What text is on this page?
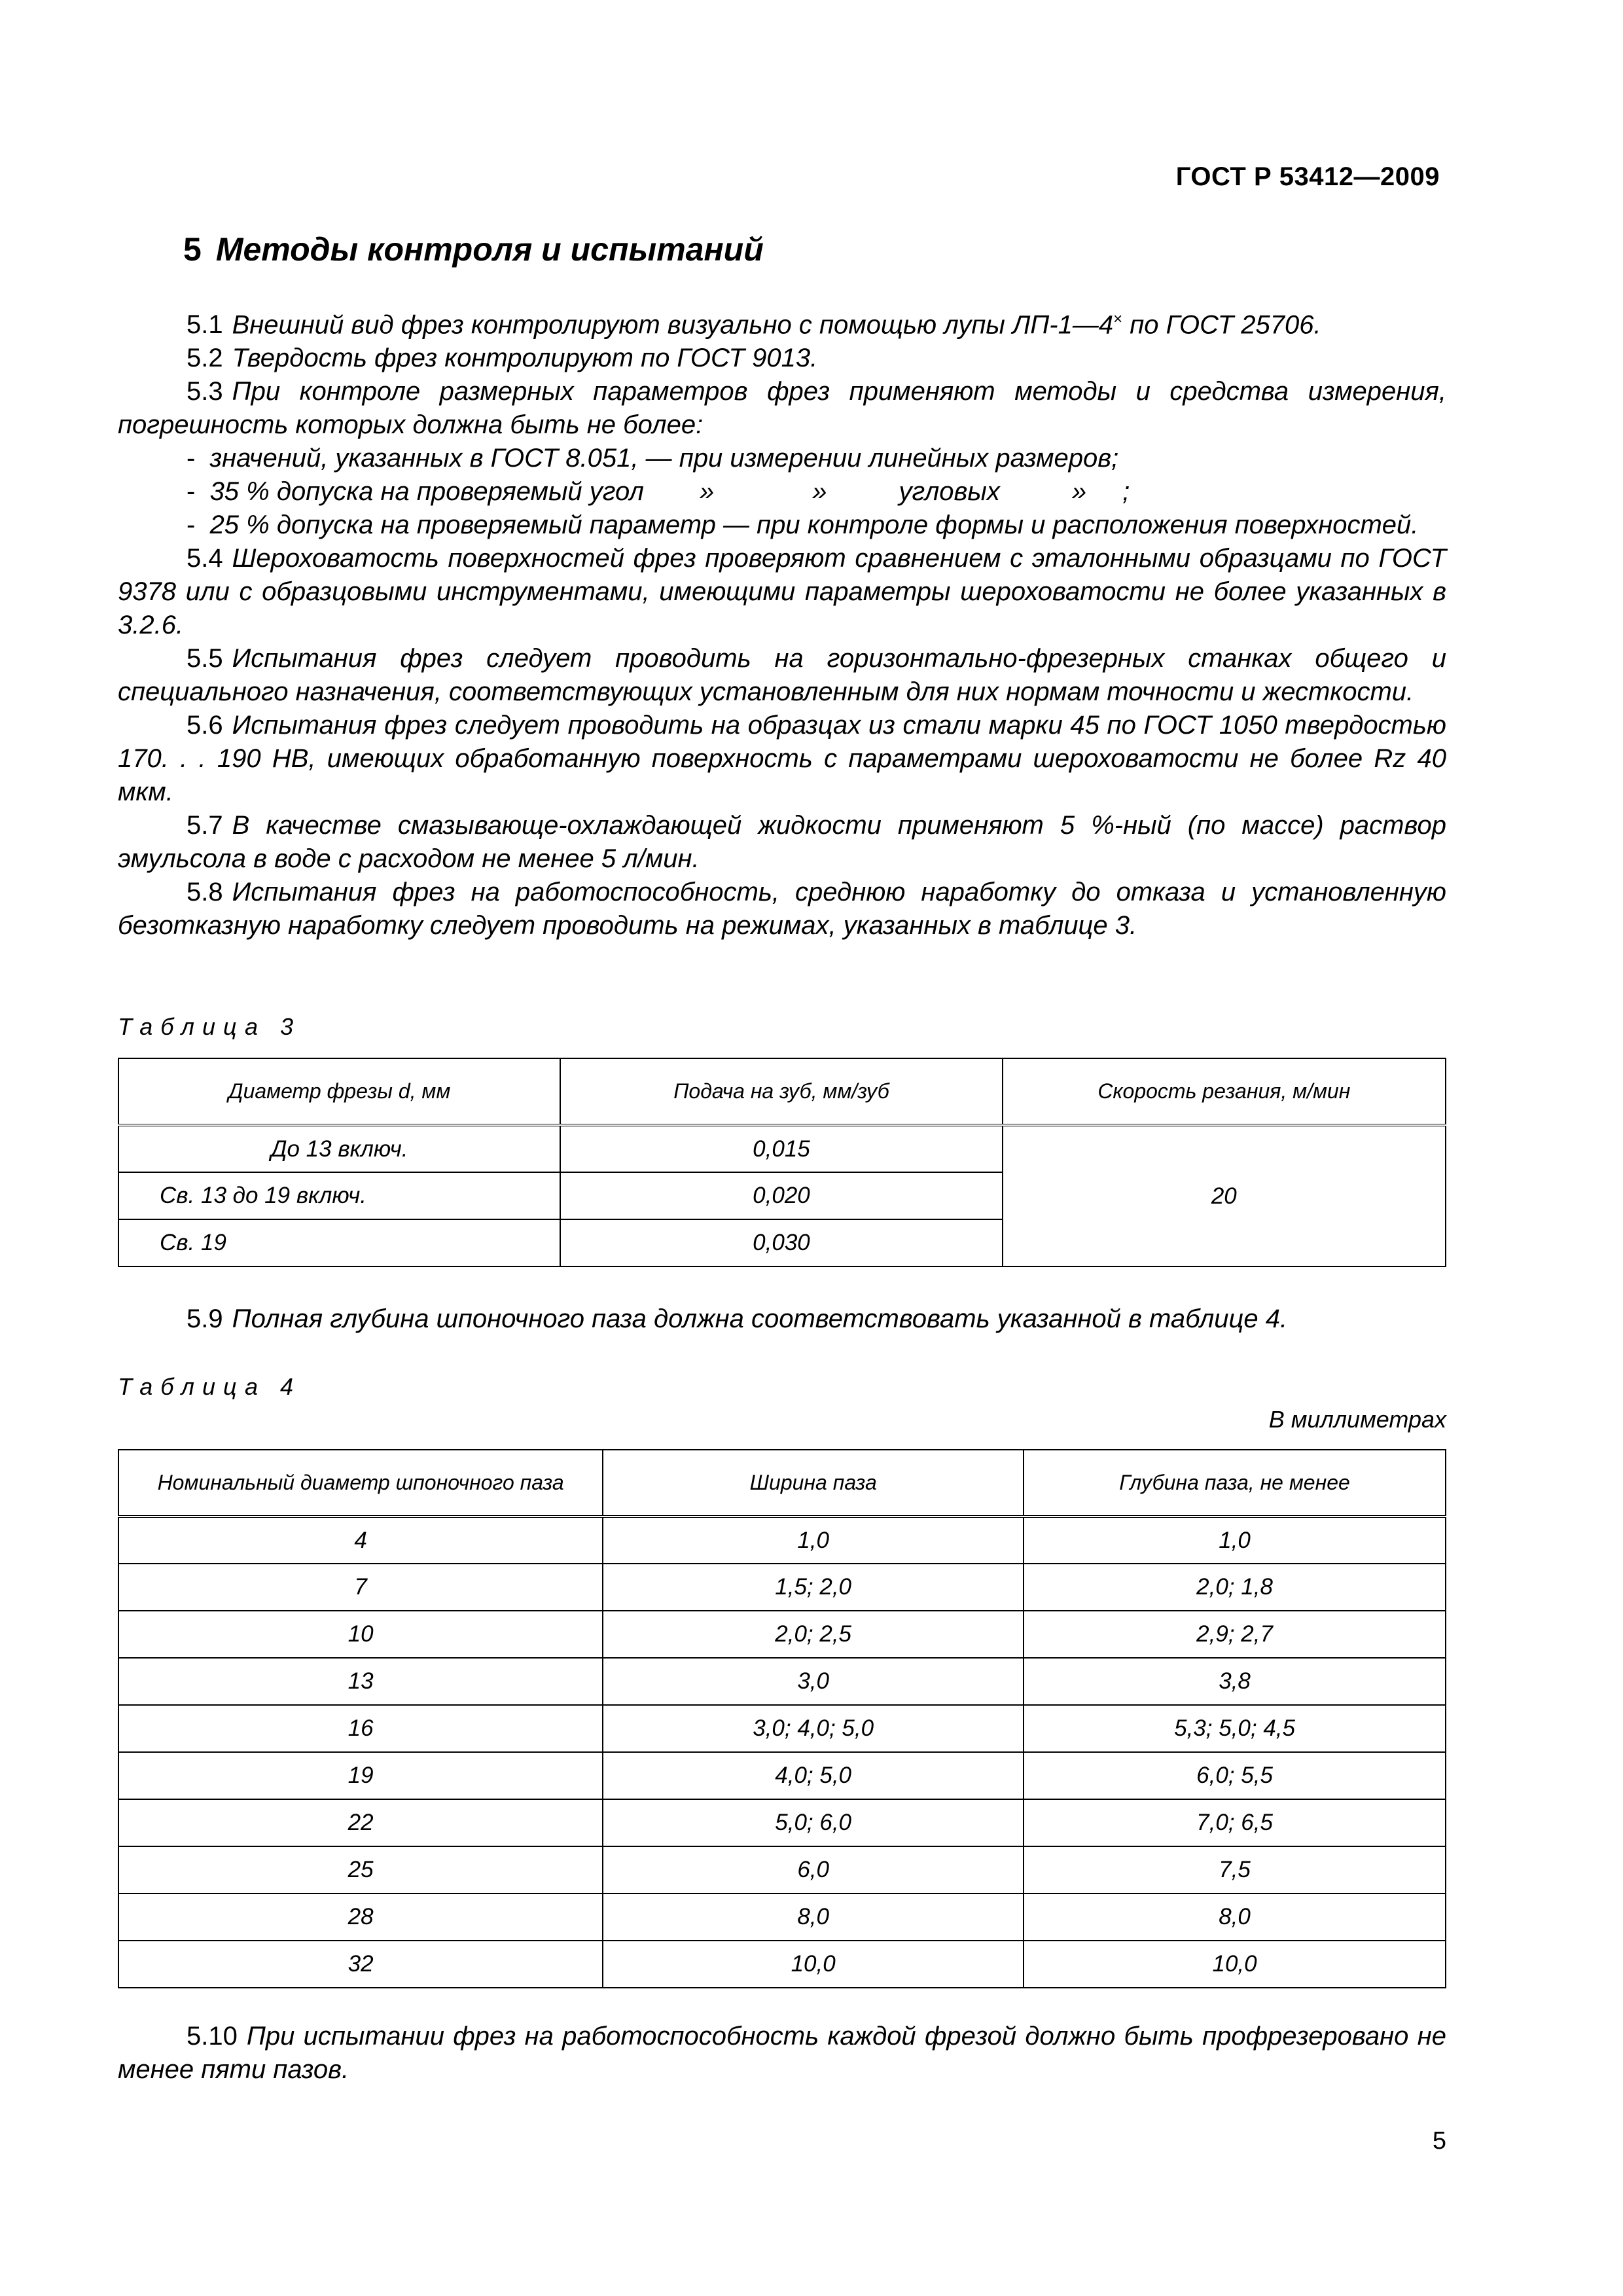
ГОСТ Р 53412—2009
5 Методы контроля и испытаний

5.1 Внешний вид фрез контролируют визуально с помощью лупы ЛП-1—4× по ГОСТ 25706.

5.2 Твердость фрез контролируют по ГОСТ 9013.

5.3 При контроле размерных параметров фрез применяют методы и средства измерения, погрешность которых должна быть не более:

- значений, указанных в ГОСТ 8.051, — при измерении линейных размеров;

- 35 % допуска на проверяемый угол »	»	угловых	» ;

- 25 % допуска на проверяемый параметр — при контроле формы и расположения поверхностей.

5.4 Шероховатость поверхностей фрез проверяют сравнением с эталонными образцами по ГОСТ 9378 или с образцовыми инструментами, имеющими параметры шероховатости не более указанных в 3.2.6.

5.5 Испытания фрез следует проводить на горизонтально-фрезерных станках общего и специального назначения, соответствующих установленным для них нормам точности и жесткости.

5.6 Испытания фрез следует проводить на образцах из стали марки 45 по ГОСТ 1050 твердостью 170. . . 190 НВ, имеющих обработанную поверхность с параметрами шероховатости не более Rz 40 мкм.

5.7 В качестве смазывающе-охлаждающей жидкости применяют 5 %-ный (по массе) раствор эмульсола в воде с расходом не менее 5 л/мин.

5.8 Испытания фрез на работоспособность, среднюю наработку до отказа и установленную безотказную наработку следует проводить на режимах, указанных в таблице 3.

Таблица 3
Диаметр фрезы d, мм	Подача на зуб, мм/зуб	Скорость резания, м/мин
До 13 включ.	0,015	20
Св. 13 до 19 включ.	0,020	
Св. 19	0,030	

5.9 Полная глубина шпоночного паза должна соответствовать указанной в таблице 4.

Таблица 4
В миллиметрах
Номинальный диаметр шпоночного паза	Ширина паза	Глубина паза, не менее
4	1,0	1,0
7	1,5; 2,0	2,0; 1,8
10	2,0; 2,5	2,9; 2,7
13	3,0	3,8
16	3,0; 4,0; 5,0	5,3; 5,0; 4,5
19	4,0; 5,0	6,0; 5,5
22	5,0; 6,0	7,0; 6,5
25	6,0	7,5
28	8,0	8,0
32	10,0	10,0

5.10 При испытании фрез на работоспособность каждой фрезой должно быть профрезеровано не менее пяти пазов.

5
